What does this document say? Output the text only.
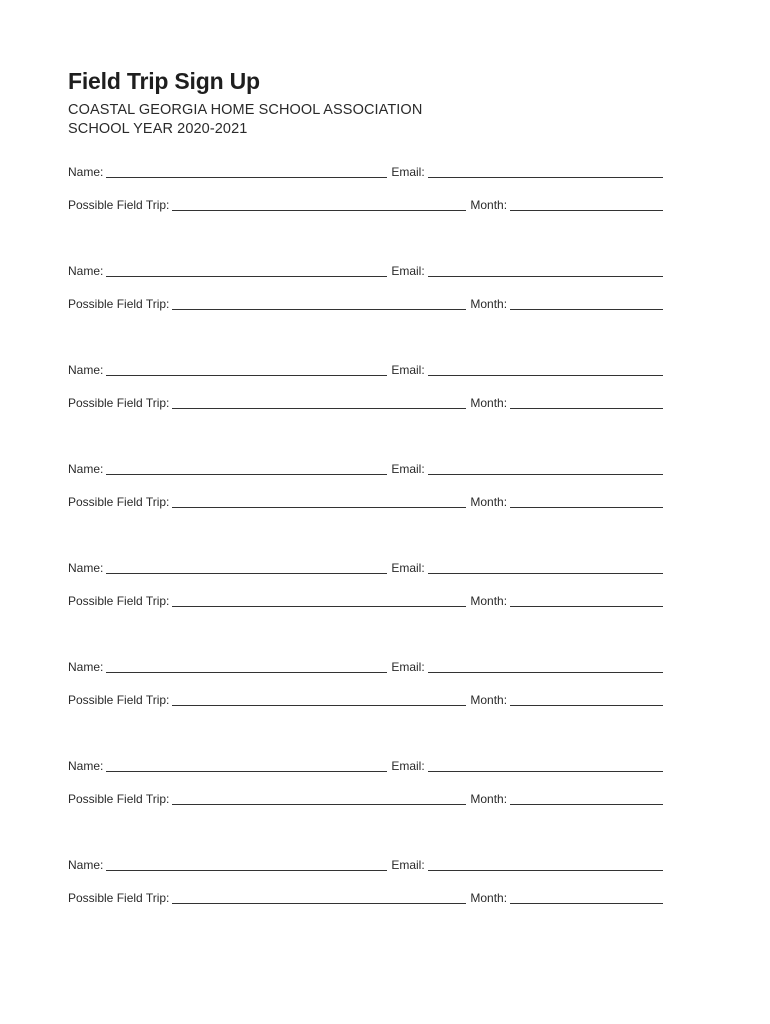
Field Trip Sign Up
COASTAL GEORGIA HOME SCHOOL ASSOCIATION
SCHOOL YEAR 2020-2021
Name:	Email:
Possible Field Trip:	Month:
Name:	Email:
Possible Field Trip:	Month:
Name:	Email:
Possible Field Trip:	Month:
Name:	Email:
Possible Field Trip:	Month:
Name:	Email:
Possible Field Trip:	Month:
Name:	Email:
Possible Field Trip:	Month:
Name:	Email:
Possible Field Trip:	Month:
Name:	Email:
Possible Field Trip:	Month:
